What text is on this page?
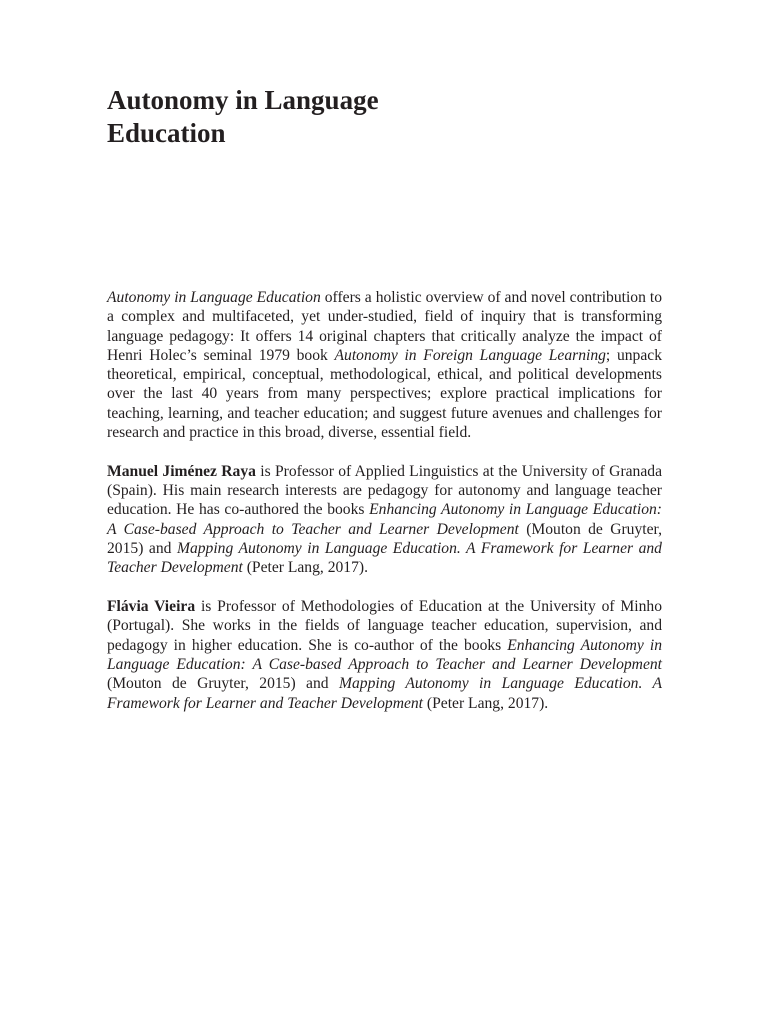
Autonomy in Language
Education

Autonomy in Language Education offers a holistic overview of and novel contribution to a complex and multifaceted, yet under-studied, field of inquiry that is transforming language pedagogy: It offers 14 original chapters that critically analyze the impact of Henri Holec’s seminal 1979 book Autonomy in Foreign Language Learning; unpack theoretical, empirical, conceptual, methodological, ethical, and political developments over the last 40 years from many perspectives; explore practical implications for teaching, learning, and teacher education; and suggest future avenues and challenges for research and practice in this broad, diverse, essential field.

Manuel Jiménez Raya is Professor of Applied Linguistics at the University of Granada (Spain). His main research interests are pedagogy for autonomy and language teacher education. He has co-authored the books Enhancing Autonomy in Language Education: A Case-based Approach to Teacher and Learner Development (Mouton de Gruyter, 2015) and Mapping Autonomy in Language Education. A Framework for Learner and Teacher Development (Peter Lang, 2017).

Flávia Vieira is Professor of Methodologies of Education at the University of Minho (Portugal). She works in the fields of language teacher education, supervision, and pedagogy in higher education. She is co-author of the books Enhancing Autonomy in Language Education: A Case-based Approach to Teacher and Learner Development (Mouton de Gruyter, 2015) and Mapping Autonomy in Language Education. A Framework for Learner and Teacher Development (Peter Lang, 2017).
